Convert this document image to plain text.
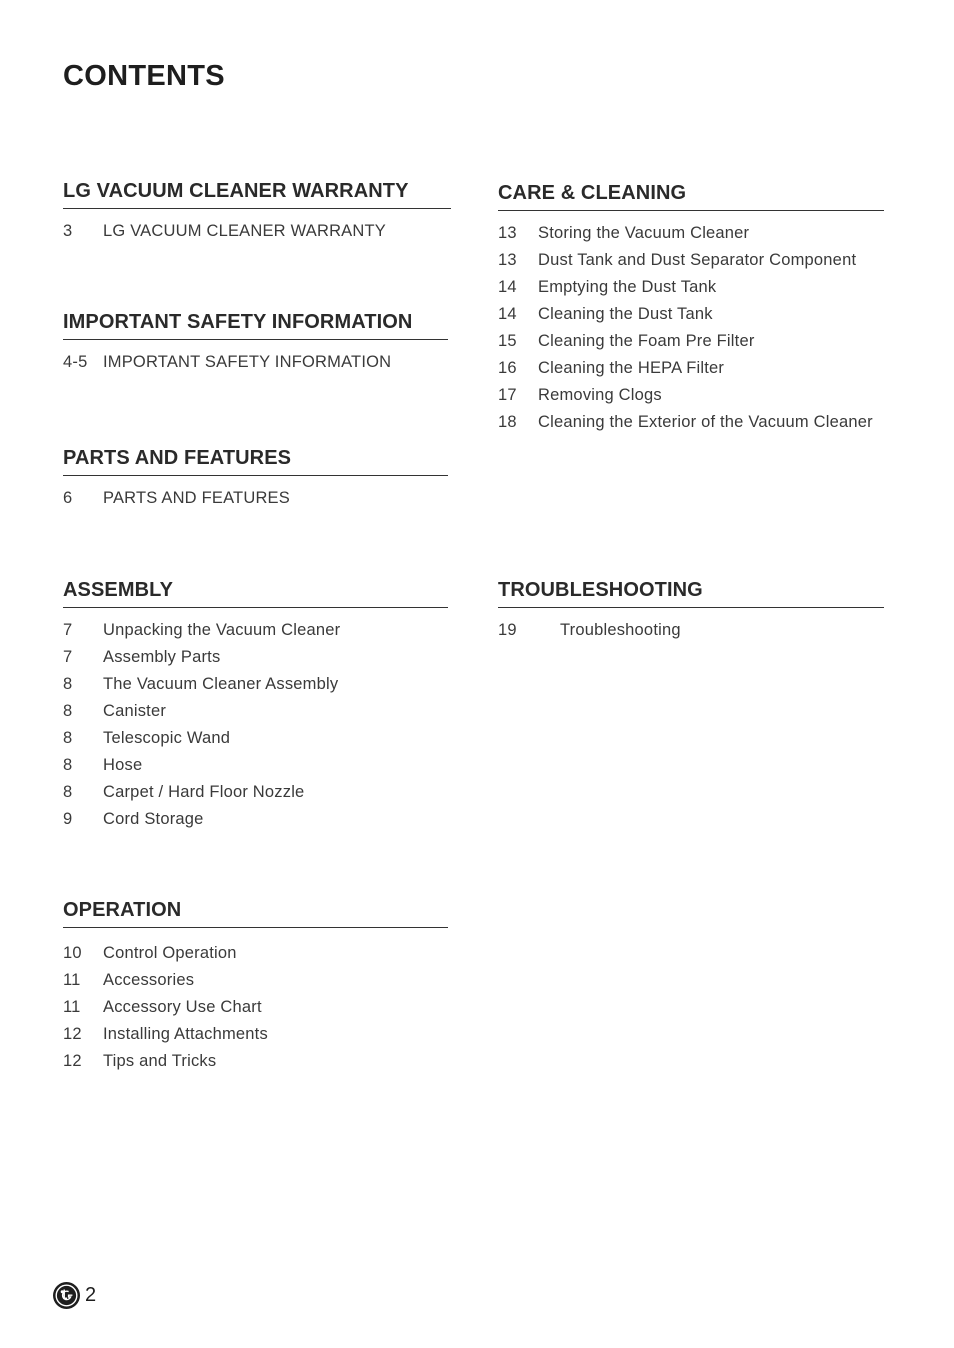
CONTENTS
LG VACUUM CLEANER WARRANTY
3	LG VACUUM CLEANER WARRANTY
IMPORTANT SAFETY INFORMATION
4-5 IMPORTANT SAFETY INFORMATION
PARTS AND FEATURES
6	PARTS AND FEATURES
ASSEMBLY
7	Unpacking the Vacuum Cleaner
7	Assembly Parts
8	The Vacuum Cleaner Assembly
8	Canister
8	Telescopic Wand
8	Hose
8	Carpet / Hard Floor Nozzle
9	Cord Storage
OPERATION
10	Control Operation
11	Accessories
11	Accessory Use Chart
12	Installing Attachments
12	Tips and Tricks
CARE & CLEANING
13	Storing the Vacuum Cleaner
13	Dust Tank and Dust Separator Component
14	Emptying the Dust Tank
14	Cleaning the Dust Tank
15	Cleaning the Foam Pre Filter
16	Cleaning the HEPA Filter
17	Removing Clogs
18	Cleaning the Exterior of the Vacuum Cleaner
TROUBLESHOOTING
19	Troubleshooting
2
